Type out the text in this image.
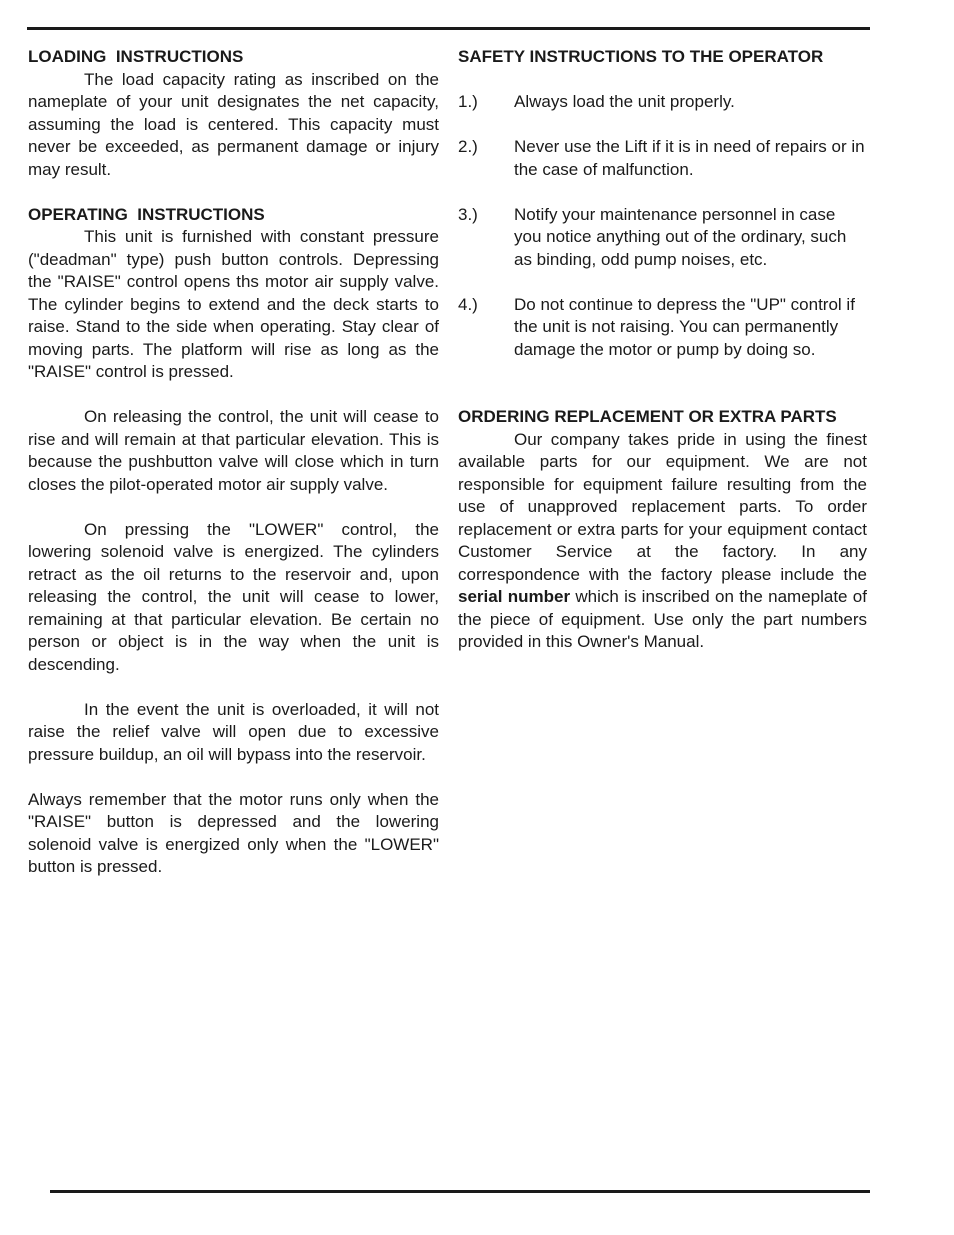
LOADING  INSTRUCTIONS

The load capacity rating as inscribed on the nameplate of your unit designates the net capacity, assuming the load is centered. This capacity must never be exceeded, as permanent damage or injury may result.

OPERATING  INSTRUCTIONS

This unit is furnished with constant pressure ("deadman" type) push button controls. Depressing the "RAISE" control opens ths motor air supply valve. The cylinder begins to extend and the deck starts to raise. Stand to the side when operating. Stay clear of moving parts. The platform will rise as long as the "RAISE" control is pressed.

On releasing the control, the unit will cease to rise and will remain at that particular elevation. This is because the pushbutton valve will close which in turn closes the pilot-operated motor air supply valve.

On pressing the "LOWER" control, the lowering solenoid valve is energized. The cylinders retract as the oil returns to the reservoir and, upon releasing the control, the unit will cease to lower, remaining at that particular elevation. Be certain no person or object is in the way when the unit is descending.

In the event the unit is overloaded, it will not raise the relief valve will open due to excessive pressure buildup, an oil will bypass into the reservoir.

Always remember that the motor runs only when the "RAISE" button is depressed and the lowering solenoid valve is energized only when the "LOWER" button is pressed.

SAFETY INSTRUCTIONS TO THE OPERATOR
1.)	Always load the unit properly.
2.)	Never use the Lift if it is in need of repairs or in the case of malfunction.
3.)	Notify your maintenance personnel in case you notice anything out of the ordinary, such as binding, odd pump noises, etc.
4.)	Do not continue to depress the "UP" control if the unit is not raising. You can permanently damage the motor or pump by doing so.
ORDERING REPLACEMENT OR EXTRA PARTS

Our company takes pride in using the finest available parts for our equipment. We are not responsible for equipment failure resulting from the use of unapproved replacement parts. To order replacement or extra parts for your equipment contact Customer Service at the factory. In any correspondence with the factory please include the serial number which is inscribed on the nameplate of the piece of equipment. Use only the part numbers provided in this Owner's Manual.
